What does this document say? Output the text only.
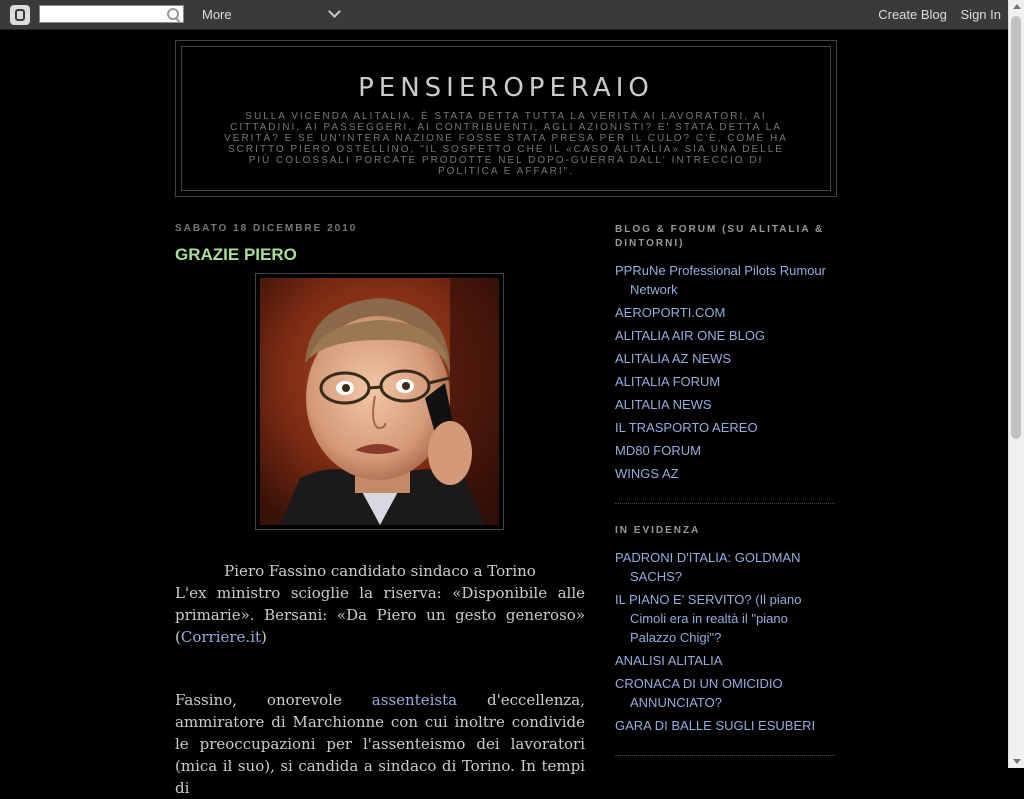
More	Create Blog Sign In
PENSIEROPERAIO
SULLA VICENDA ALITALIA, È STATA DETTA TUTTA LA VERITÀ AI LAVORATORI, AI CITTADINI, AI PASSEGGERI, AI CONTRIBUENTI, AGLI AZIONISTI? E' STATA DETTA LA VERITÀ? E SE UN'INTERA NAZIONE FOSSE STATA PRESA PER IL CULO? C'È, COME HA SCRITTO PIERO OSTELLINO, "IL SOSPETTO CHE IL «CASO ALITALIA» SIA UNA DELLE PIÙ COLOSSALI PORCATE PRODOTTE NEL DOPO-GUERRA DALL' INTRECCIO DI POLITICA E AFFARI".
SABATO 18 DICEMBRE 2010
GRAZIE PIERO
Piero Fassino candidato sindaco a Torino

L'ex ministro scioglie la riserva: «Disponibile alle primarie». Bersani: «Da Piero un gesto generoso» (Corriere.it)

Fassino, onorevole assenteista d'eccellenza, ammiratore di Marchionne con cui inoltre condivide le preoccupazioni per l'assenteismo dei lavoratori (mica il suo), si candida a sindaco di Torino. In tempi di

BLOG & FORUM (SU ALITALIA & DINTORNI)
PPRuNe Professional Pilots Rumour Network
AEROPORTI.COM
ALITALIA AIR ONE BLOG
ALITALIA AZ NEWS
ALITALIA FORUM
ALITALIA NEWS
IL TRASPORTO AEREO
MD80 FORUM
WINGS AZ
IN EVIDENZA
PADRONI D'ITALIA: GOLDMAN SACHS?
IL PIANO E' SERVITO? (Il piano Cimoli era in realtà il "piano Palazzo Chigi"?
ANALISI ALITALIA
CRONACA DI UN OMICIDIO ANNUNCIATO?
GARA DI BALLE SUGLI ESUBERI
